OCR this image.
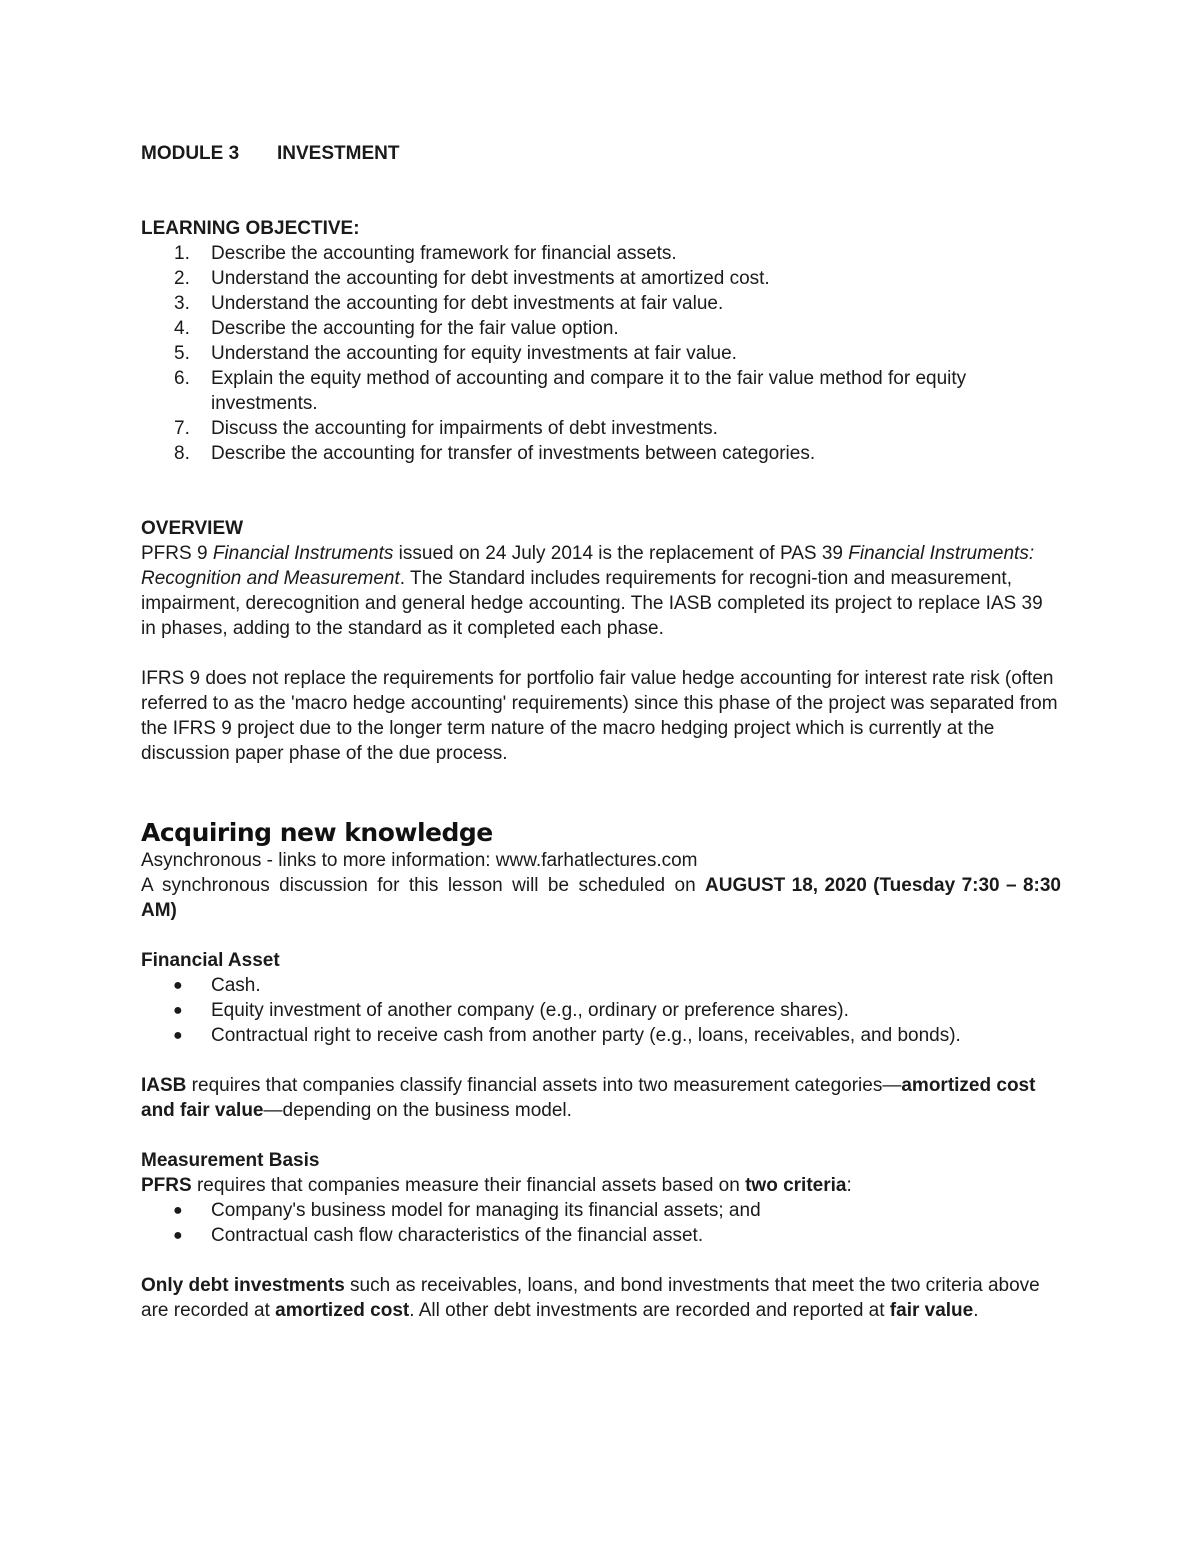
MODULE 3	INVESTMENT
LEARNING OBJECTIVE:
1.	Describe the accounting framework for financial assets.
2.	Understand the accounting for debt investments at amortized cost.
3.	Understand the accounting for debt investments at fair value.
4.	Describe the accounting for the fair value option.
5.	Understand the accounting for equity investments at fair value.
6.	Explain the equity method of accounting and compare it to the fair value method for equity investments.
7.	Discuss the accounting for impairments of debt investments.
8.	Describe the accounting for transfer of investments between categories.
OVERVIEW

PFRS 9 Financial Instruments issued on 24 July 2014 is the replacement of PAS 39 Financial Instruments: Recognition and Measurement. The Standard includes requirements for recogni-tion and measurement, impairment, derecognition and general hedge accounting. The IASB completed its project to replace IAS 39 in phases, adding to the standard as it completed each phase.

IFRS 9 does not replace the requirements for portfolio fair value hedge accounting for interest rate risk (often referred to as the 'macro hedge accounting' requirements) since this phase of the project was separated from the IFRS 9 project due to the longer term nature of the macro hedging project which is currently at the discussion paper phase of the due process.

Acquiring new knowledge
Asynchronous - links to more information: www.farhatlectures.com

A synchronous discussion for this lesson will be scheduled on AUGUST 18, 2020 (Tuesday 7:30 – 8:30 AM)

Financial Asset
●	Cash.
●	Equity investment of another company (e.g., ordinary or preference shares).
●	Contractual right to receive cash from another party (e.g., loans, receivables, and bonds).

IASB requires that companies classify financial assets into two measurement categories—amortized cost and fair value—depending on the business model.

Measurement Basis

PFRS requires that companies measure their financial assets based on two criteria:

●	Company's business model for managing its financial assets; and
●	Contractual cash flow characteristics of the financial asset.

Only debt investments such as receivables, loans, and bond investments that meet the two criteria above are recorded at amortized cost. All other debt investments are recorded and reported at fair value.
